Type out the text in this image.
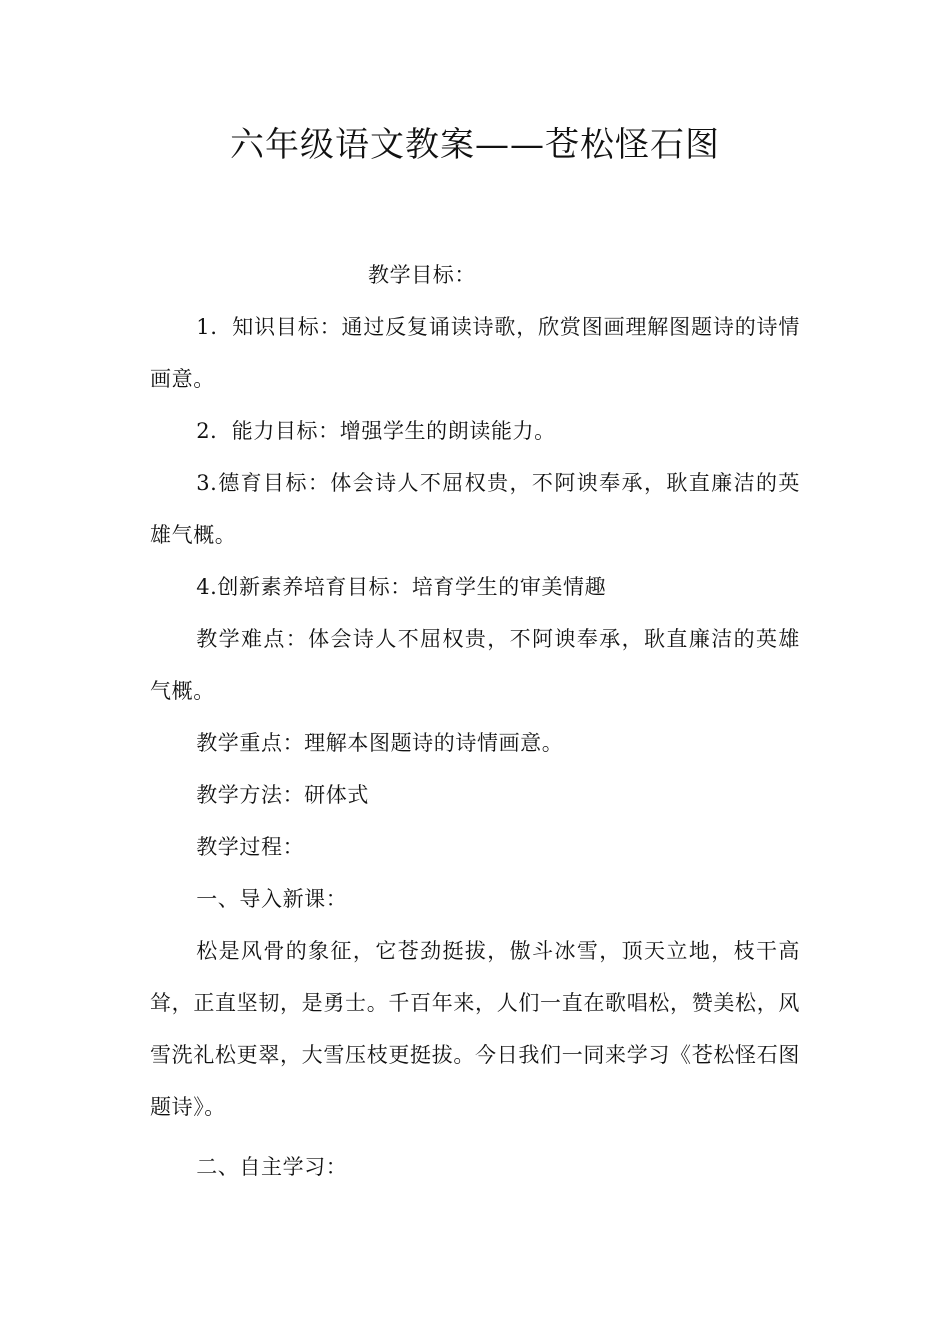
六年级语文教案——苍松怪石图

教学目标：

1．知识目标：通过反复诵读诗歌，欣赏图画理解图题诗的诗情画意。

2．能力目标：增强学生的朗读能力。

3.德育目标：体会诗人不屈权贵，不阿谀奉承，耿直廉洁的英雄气概。

4.创新素养培育目标：培育学生的审美情趣

教学难点：体会诗人不屈权贵，不阿谀奉承，耿直廉洁的英雄气概。

教学重点：理解本图题诗的诗情画意。

教学方法：研体式

教学过程：

一、导入新课：

松是风骨的象征，它苍劲挺拔，傲斗冰雪，顶天立地，枝干高耸，正直坚韧，是勇士。千百年来，人们一直在歌唱松，赞美松，风雪洗礼松更翠，大雪压枝更挺拔。今日我们一同来学习《苍松怪石图题诗》。

二、自主学习：
